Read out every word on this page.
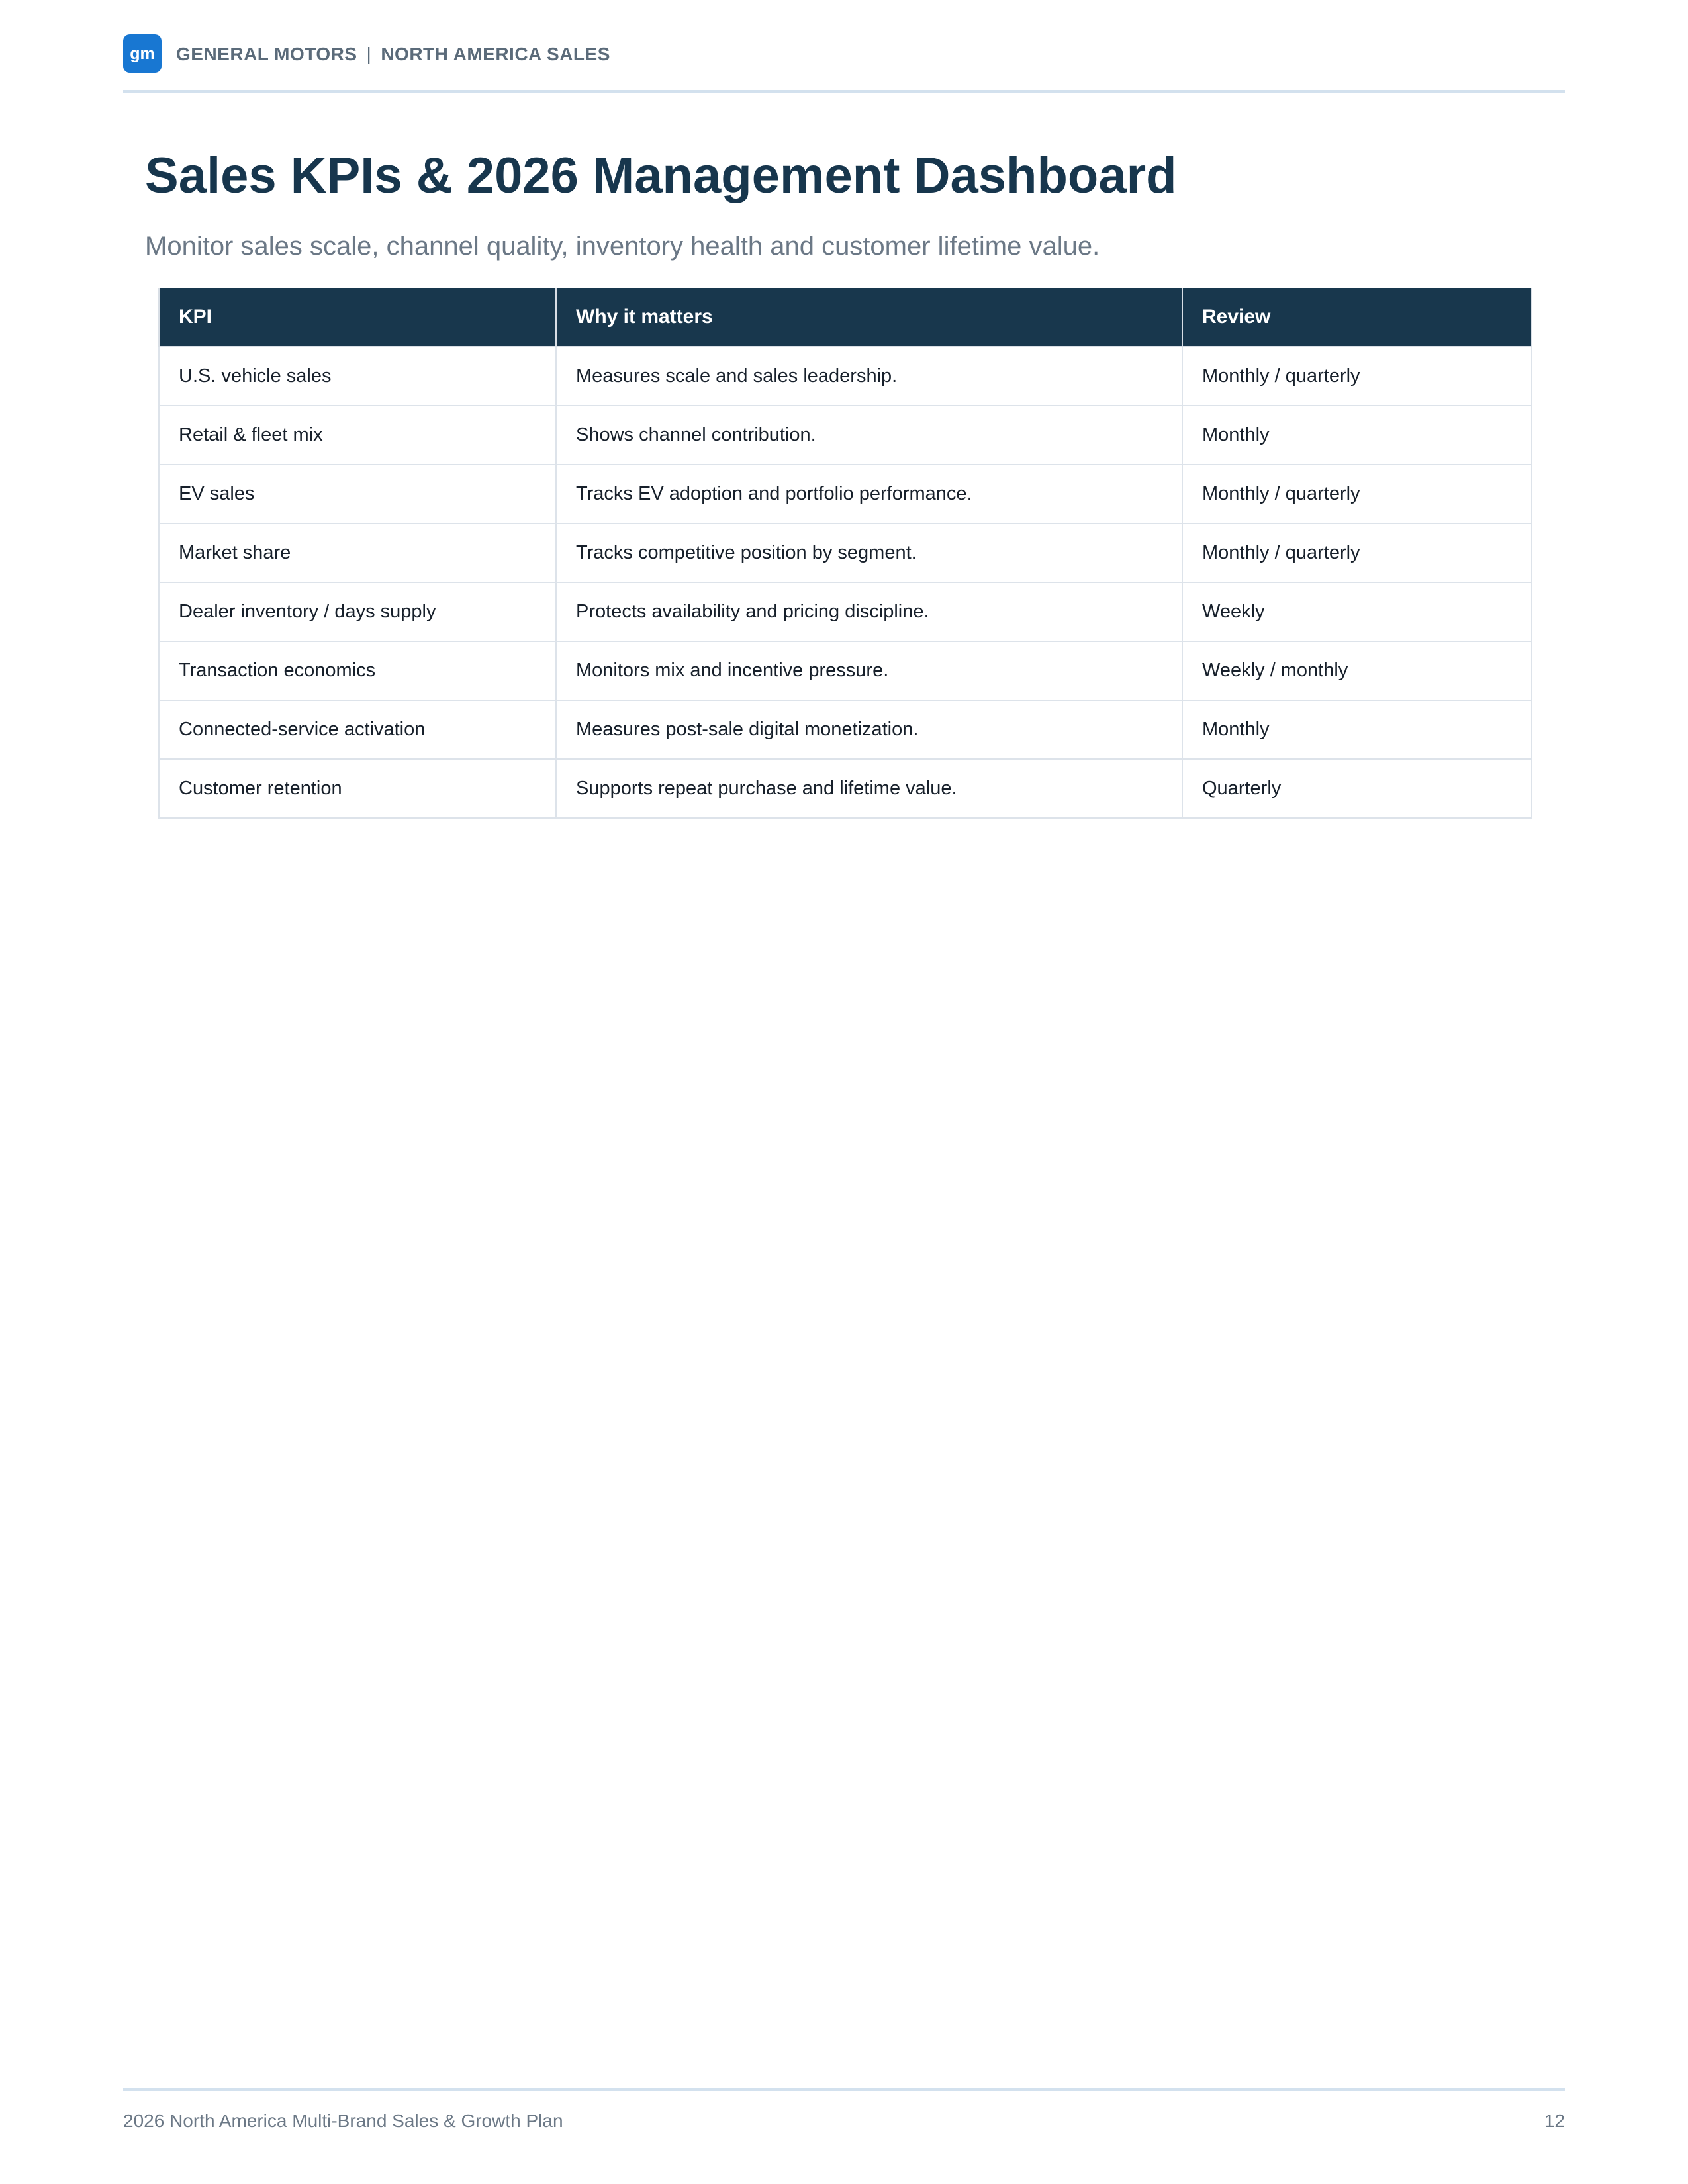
gm	GENERAL MOTORS | NORTH AMERICA SALES
Sales KPIs & 2026 Management Dashboard

Monitor sales scale, channel quality, inventory health and customer lifetime value.

KPI	Why it matters	Review
U.S. vehicle sales	Measures scale and sales leadership.	Monthly / quarterly
Retail & fleet mix	Shows channel contribution.	Monthly
EV sales	Tracks EV adoption and portfolio performance.	Monthly / quarterly
Market share	Tracks competitive position by segment.	Monthly / quarterly
Dealer inventory / days supply	Protects availability and pricing discipline.	Weekly
Transaction economics	Monitors mix and incentive pressure.	Weekly / monthly
Connected-service activation	Measures post-sale digital monetization.	Monthly
Customer retention	Supports repeat purchase and lifetime value.	Quarterly
2026 North America Multi-Brand Sales & Growth Plan	12
